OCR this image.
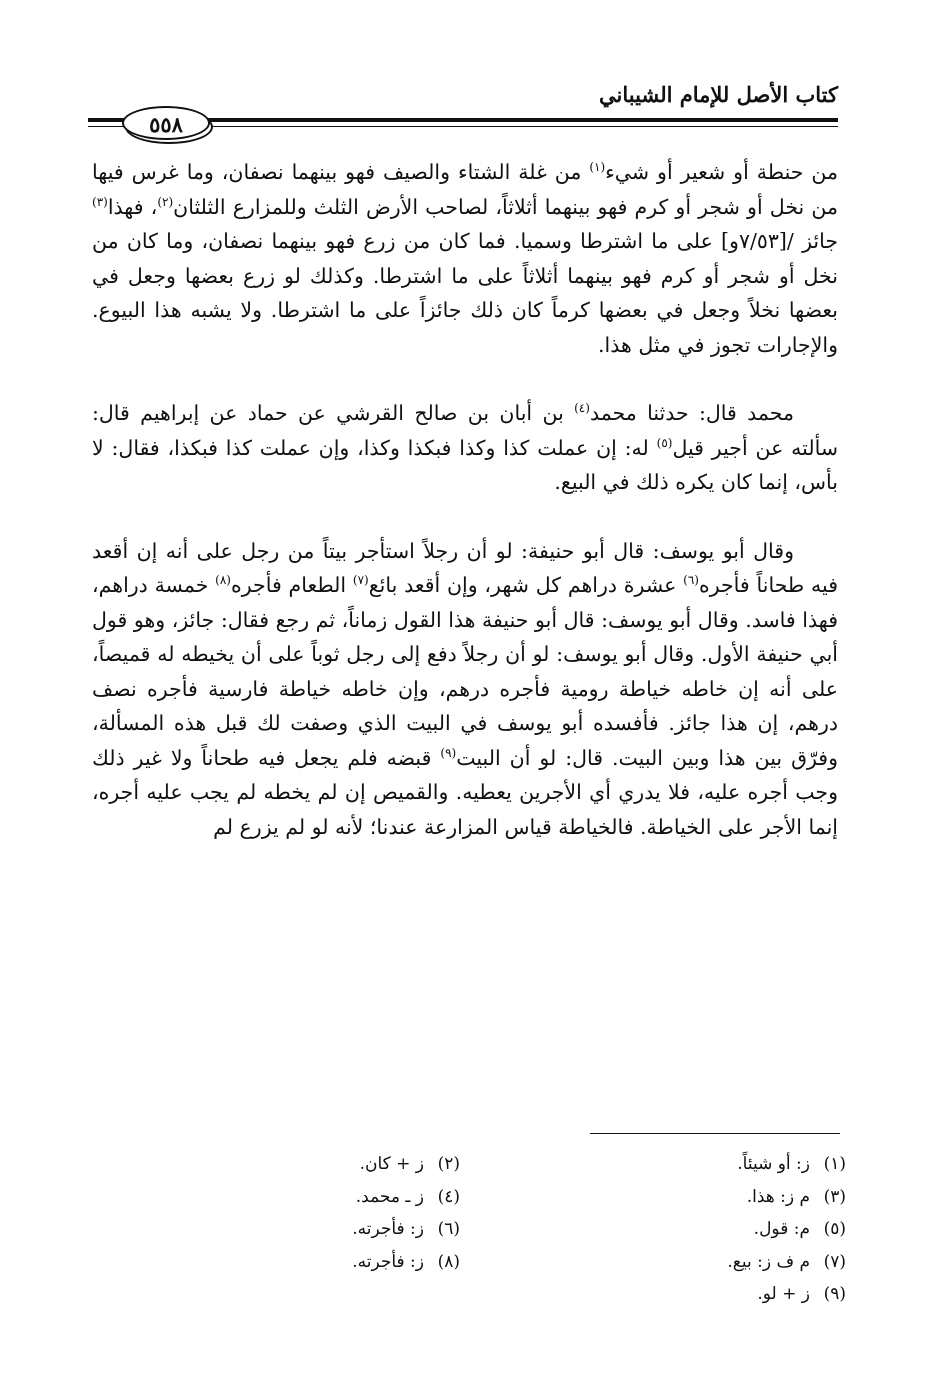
كتاب الأصل للإمام الشيباني
٥٥٨

من حنطة أو شعير أو شيء$^{(١)}$ من غلة الشتاء والصيف فهو بينهما نصفان، وما غرس فيها من نخل أو شجر أو كرم فهو بينهما أثلاثاً، لصاحب الأرض الثلث وللمزارع الثلثان$^{(٢)}$، فهذا$^{(٣)}$ جائز /[٧/٥٣و] على ما اشترطا وسميا. فما كان من زرع فهو بينهما نصفان، وما كان من نخل أو شجر أو كرم فهو بينهما أثلاثاً على ما اشترطا. وكذلك لو زرع بعضها وجعل في بعضها نخلاً وجعل في بعضها كرماً كان ذلك جائزاً على ما اشترطا. ولا يشبه هذا البيوع. والإجارات تجوز في مثل هذا.

محمد قال: حدثنا محمد$^{(٤)}$ بن أبان بن صالح القرشي عن حماد عن إبراهيم قال: سألته عن أجير قيل$^{(٥)}$ له: إن عملت كذا وكذا فبكذا وكذا، وإن عملت كذا فبكذا، فقال: لا بأس، إنما كان يكره ذلك في البيع.

وقال أبو يوسف: قال أبو حنيفة: لو أن رجلاً استأجر بيتاً من رجل على أنه إن أقعد فيه طحاناً فأجره$^{(٦)}$ عشرة دراهم كل شهر، وإن أقعد بائع$^{(٧)}$ الطعام فأجره$^{(٨)}$ خمسة دراهم، فهذا فاسد. وقال أبو يوسف: قال أبو حنيفة هذا القول زماناً، ثم رجع فقال: جائز، وهو قول أبي حنيفة الأول. وقال أبو يوسف: لو أن رجلاً دفع إلى رجل ثوباً على أن يخيطه له قميصاً، على أنه إن خاطه خياطة رومية فأجره درهم، وإن خاطه خياطة فارسية فأجره نصف درهم، إن هذا جائز. فأفسده أبو يوسف في البيت الذي وصفت لك قبل هذه المسألة، وفرّق بين هذا وبين البيت. قال: لو أن البيت$^{(٩)}$ قبضه فلم يجعل فيه طحاناً ولا غير ذلك وجب أجره عليه، فلا يدري أي الأجرين يعطيه. والقميص إن لم يخطه لم يجب عليه أجره، إنما الأجر على الخياطة. فالخياطة قياس المزارعة عندنا؛ لأنه لو لم يزرع لم

(١)ز: أو شيئاً.
(٣)م ز: هذا.
(٥)م: قول.
(٧)م ف ز: بيع.
(٩)ز + لو.
(٢)ز + كان.
(٤)ز ـ محمد.
(٦)ز: فأجرته.
(٨)ز: فأجرته.
